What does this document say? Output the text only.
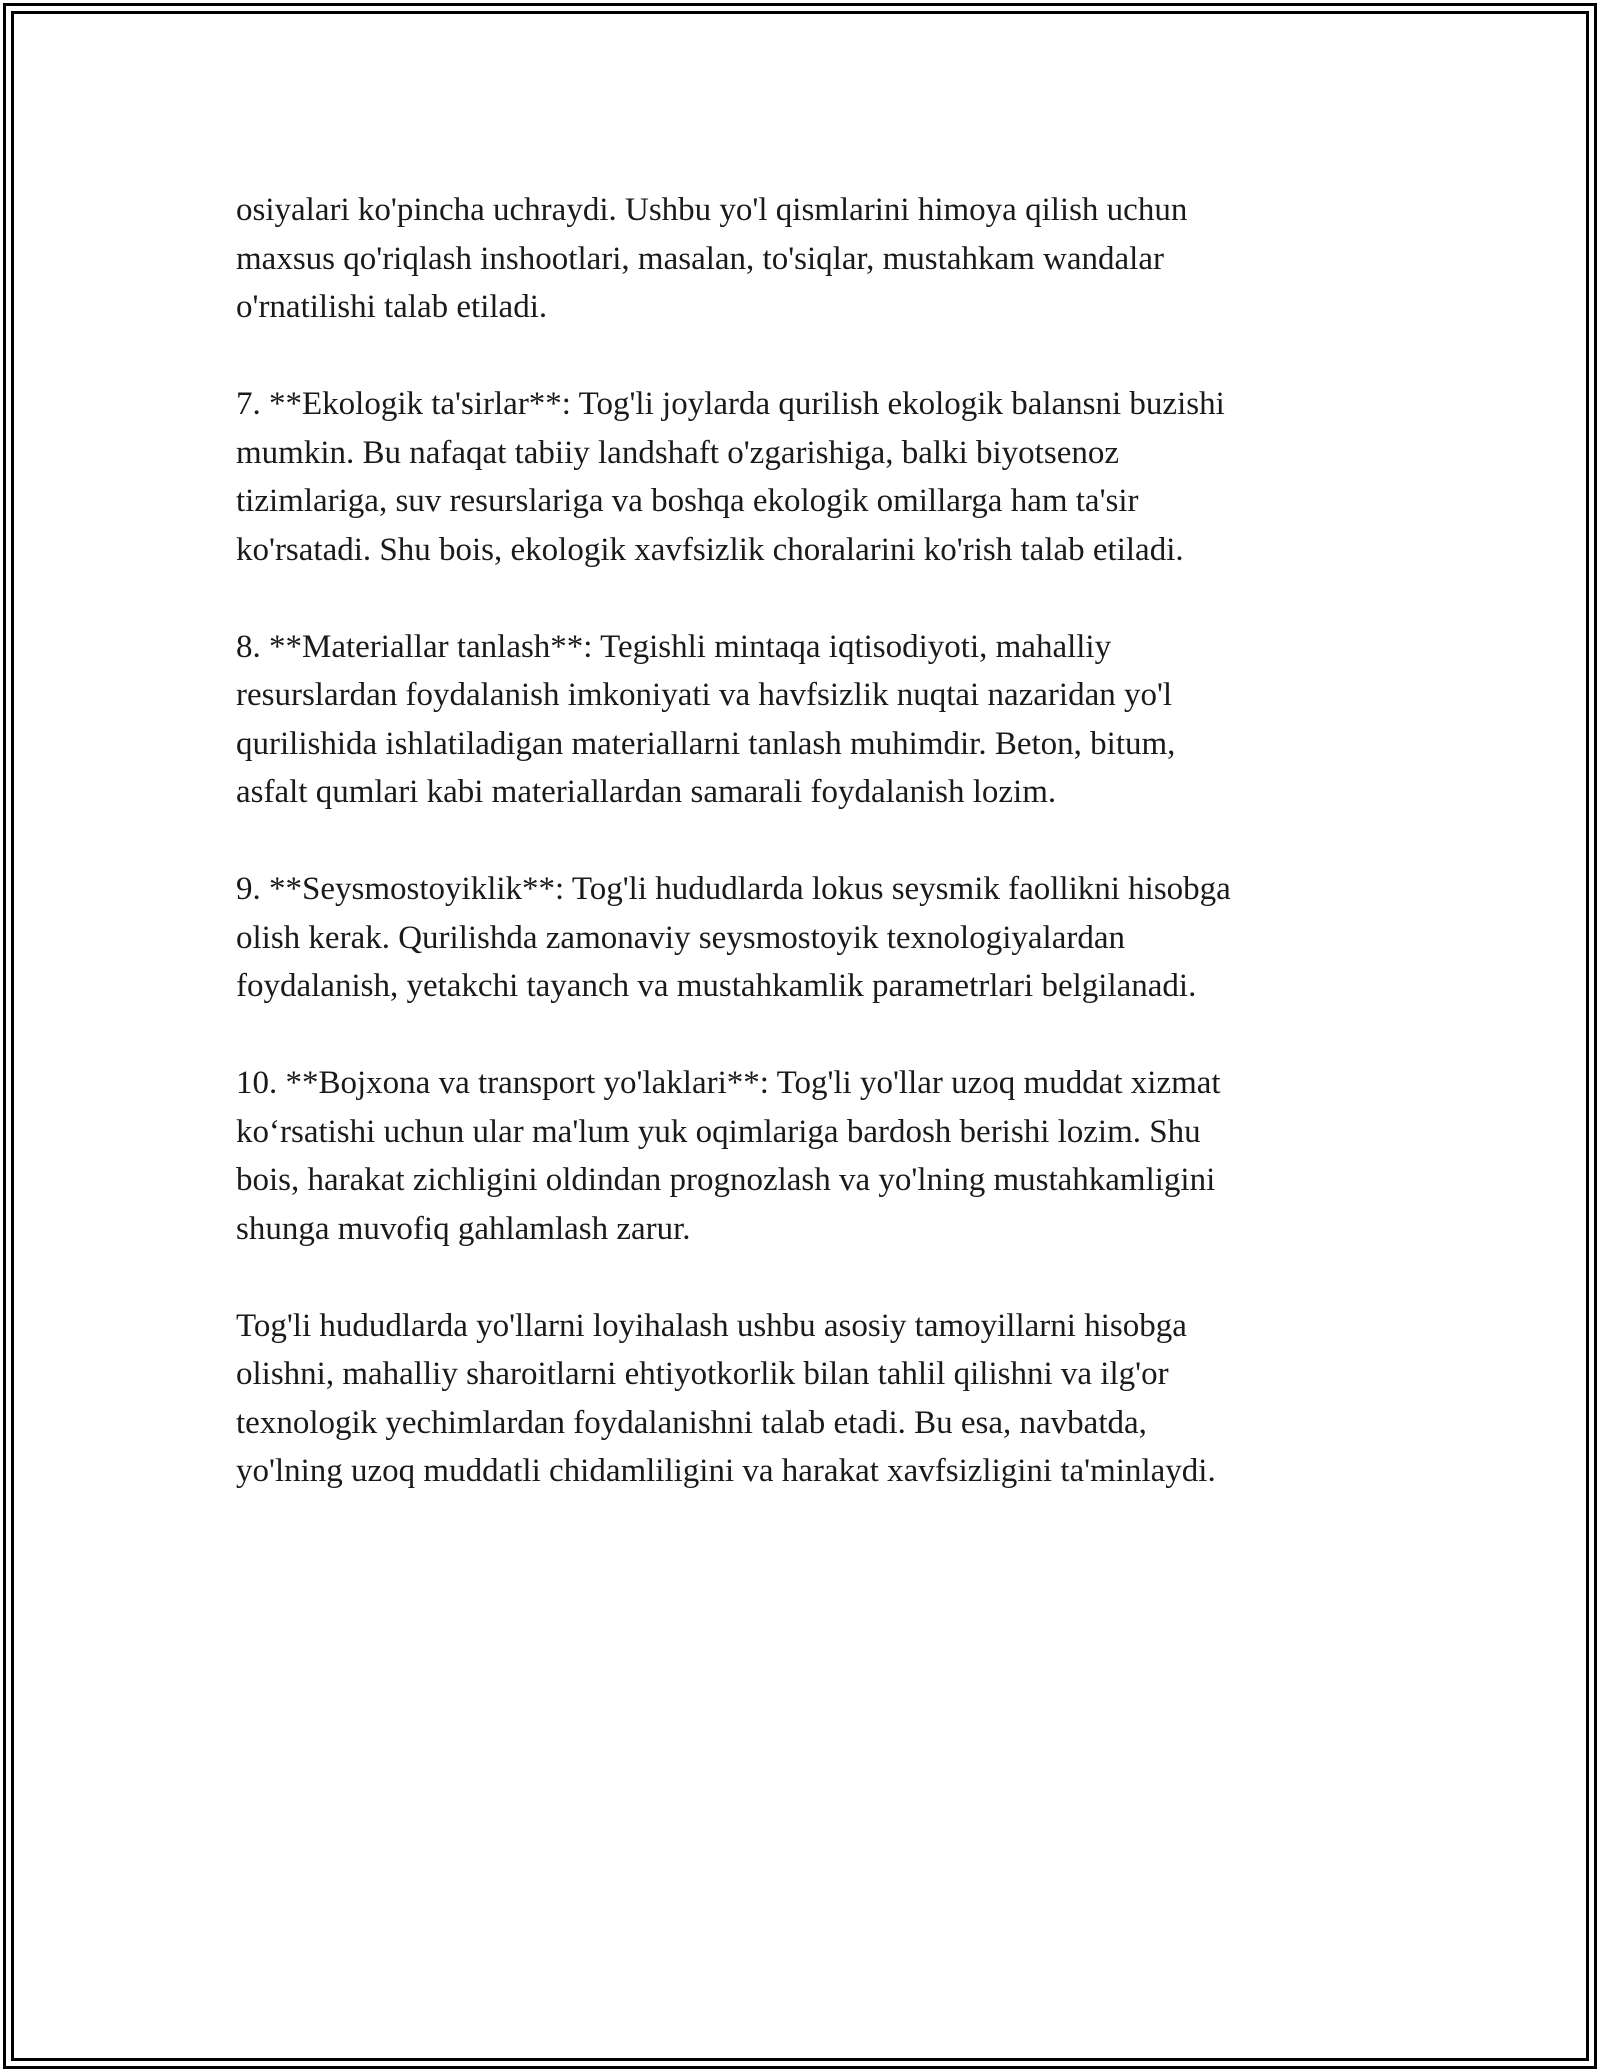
osiyalari ko'pincha uchraydi. Ushbu yo'l qismlarini himoya qilish uchun
maxsus qo'riqlash inshootlari, masalan, to'siqlar, mustahkam wandalar
o'rnatilishi talab etiladi.

7. **Ekologik ta'sirlar**: Tog'li joylarda qurilish ekologik balansni buzishi
mumkin. Bu nafaqat tabiiy landshaft o'zgarishiga, balki biyotsenoz
tizimlariga, suv resurslariga va boshqa ekologik omillarga ham ta'sir
ko'rsatadi. Shu bois, ekologik xavfsizlik choralarini ko'rish talab etiladi.

8. **Materiallar tanlash**: Tegishli mintaqa iqtisodiyoti, mahalliy
resurslardan foydalanish imkoniyati va havfsizlik nuqtai nazaridan yo'l
qurilishida ishlatiladigan materiallarni tanlash muhimdir. Beton, bitum,
asfalt qumlari kabi materiallardan samarali foydalanish lozim.

9. **Seysmostoyiklik**: Tog'li hududlarda lokus seysmik faollikni hisobga
olish kerak. Qurilishda zamonaviy seysmostoyik texnologiyalardan
foydalanish, yetakchi tayanch va mustahkamlik parametrlari belgilanadi.

10. **Bojxona va transport yo'laklari**: Tog'li yo'llar uzoq muddat xizmat
ko‘rsatishi uchun ular ma'lum yuk oqimlariga bardosh berishi lozim. Shu
bois, harakat zichligini oldindan prognozlash va yo'lning mustahkamligini
shunga muvofiq gahlamlash zarur.

Tog'li hududlarda yo'llarni loyihalash ushbu asosiy tamoyillarni hisobga
olishni, mahalliy sharoitlarni ehtiyotkorlik bilan tahlil qilishni va ilg'or
texnologik yechimlardan foydalanishni talab etadi. Bu esa, navbatda,
yo'lning uzoq muddatli chidamliligini va harakat xavfsizligini ta'minlaydi.
